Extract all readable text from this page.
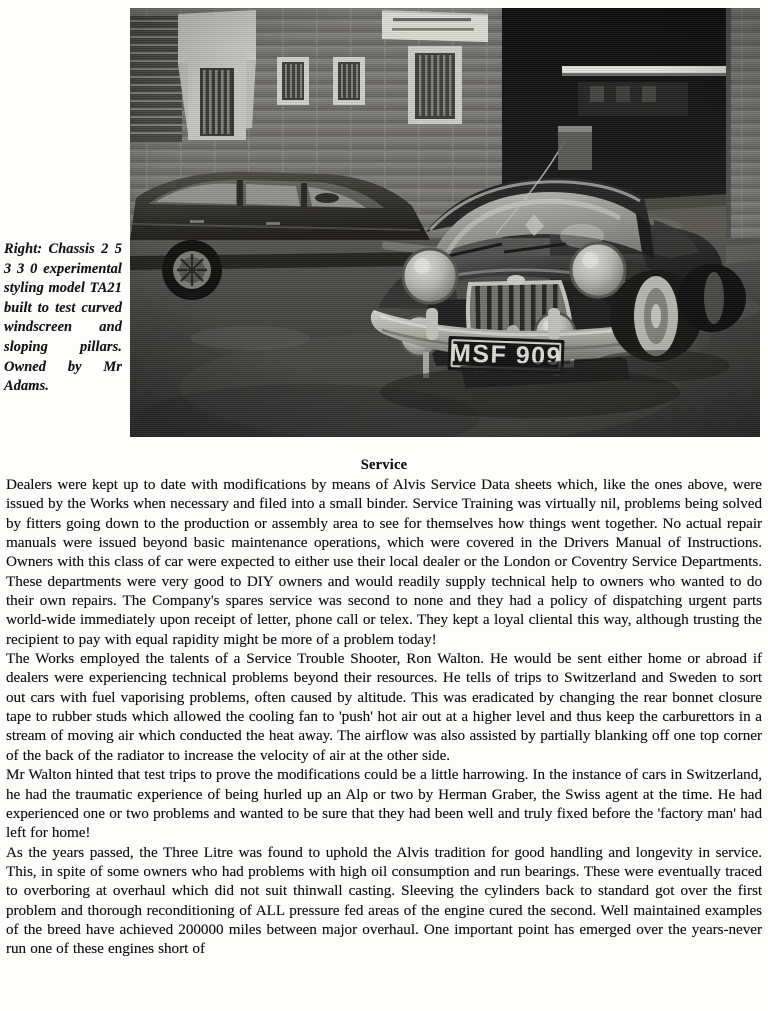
Right: Chassis 2 5 3 3 0 experimental styling model TA21 built to test curved windscreen and sloping pillars. Owned by Mr Adams.
Service

Dealers were kept up to date with modifications by means of Alvis Service Data sheets which, like the ones above, were issued by the Works when necessary and filed into a small binder. Service Training was virtually nil, problems being solved by fitters going down to the production or assembly area to see for themselves how things went together. No actual repair manuals were issued beyond basic maintenance operations, which were covered in the Drivers Manual of Instructions. Owners with this class of car were expected to either use their local dealer or the London or Coventry Service Departments. These departments were very good to DIY owners and would readily supply technical help to owners who wanted to do their own repairs. The Company's spares service was second to none and they had a policy of dispatching urgent parts world-wide immediately upon receipt of letter, phone call or telex. They kept a loyal cliental this way, although trusting the recipient to pay with equal rapidity might be more of a problem today!

The Works employed the talents of a Service Trouble Shooter, Ron Walton. He would be sent either home or abroad if dealers were experiencing technical problems beyond their resources. He tells of trips to Switzerland and Sweden to sort out cars with fuel vaporising problems, often caused by altitude. This was eradicated by changing the rear bonnet closure tape to rubber studs which allowed the cooling fan to 'push' hot air out at a higher level and thus keep the carburettors in a stream of moving air which conducted the heat away. The airflow was also assisted by partially blanking off one top corner of the back of the radiator to increase the velocity of air at the other side.

Mr Walton hinted that test trips to prove the modifications could be a little harrowing. In the instance of cars in Switzerland, he had the traumatic experience of being hurled up an Alp or two by Herman Graber, the Swiss agent at the time. He had experienced one or two problems and wanted to be sure that they had been well and truly fixed before the 'factory man' had left for home!

As the years passed, the Three Litre was found to uphold the Alvis tradition for good handling and longevity in service. This, in spite of some owners who had problems with high oil consumption and run bearings. These were eventually traced to overboring at overhaul which did not suit thinwall casting. Sleeving the cylinders back to standard got over the first problem and thorough reconditioning of ALL pressure fed areas of the engine cured the second. Well maintained examples of the breed have achieved 200000 miles between major overhaul. One important point has emerged over the years-never run one of these engines short of
